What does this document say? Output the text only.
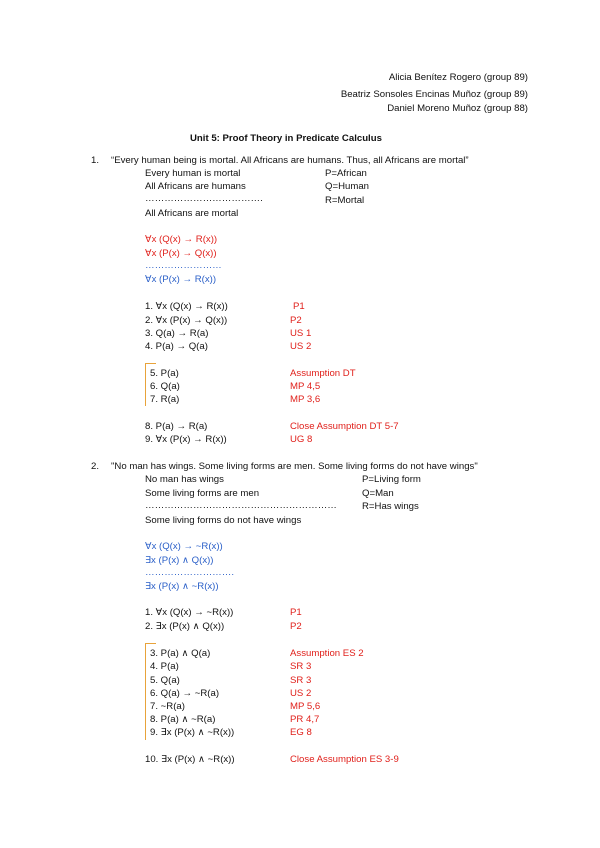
Alicia Benítez Rogero (group 89)
Beatriz Sonsoles Encinas Muñoz (group 89)
Daniel Moreno Muñoz (group 88)
Unit 5: Proof Theory in Predicate Calculus
1. “Every human being is mortal. All Africans are humans. Thus, all Africans are mortal”
Every human is mortal	P=African
All Africans are humans	Q=Human
……………………………….	R=Mortal
All Africans are mortal
∀x (Q(x) → R(x))
∀x (P(x) → Q(x))
……………………
∀x (P(x) → R(x))
1. ∀x (Q(x) → R(x))	P1
2. ∀x (P(x) → Q(x))	P2
3. Q(a) → R(a)	US 1
4. P(a) → Q(a)	US 2
5. P(a)	Assumption DT
6. Q(a)	MP 4,5
7. R(a)	MP 3,6
8. P(a) → R(a)	Close Assumption DT 5-7
9. ∀x (P(x) → R(x))	UG 8
2. "No man has wings. Some living forms are men. Some living forms do not have wings"
No man has wings	P=Living form
Some living forms are men	Q=Man
……………………………………………………	R=Has wings
Some living forms do not have wings
∀x (Q(x) → ~R(x))
∃x (P(x) ∧ Q(x))
……………………….
∃x (P(x) ∧ ~R(x))
1. ∀x (Q(x) → ~R(x))	P1
2. ∃x (P(x) ∧ Q(x))	P2
3. P(a) ∧ Q(a)	Assumption ES 2
4. P(a)	SR 3
5. Q(a)	SR 3
6. Q(a) → ~R(a)	US 2
7. ~R(a)	MP 5,6
8. P(a) ∧ ~R(a)	PR 4,7
9. ∃x (P(x) ∧ ~R(x))	EG 8
10. ∃x (P(x) ∧ ~R(x))	Close Assumption ES 3-9
